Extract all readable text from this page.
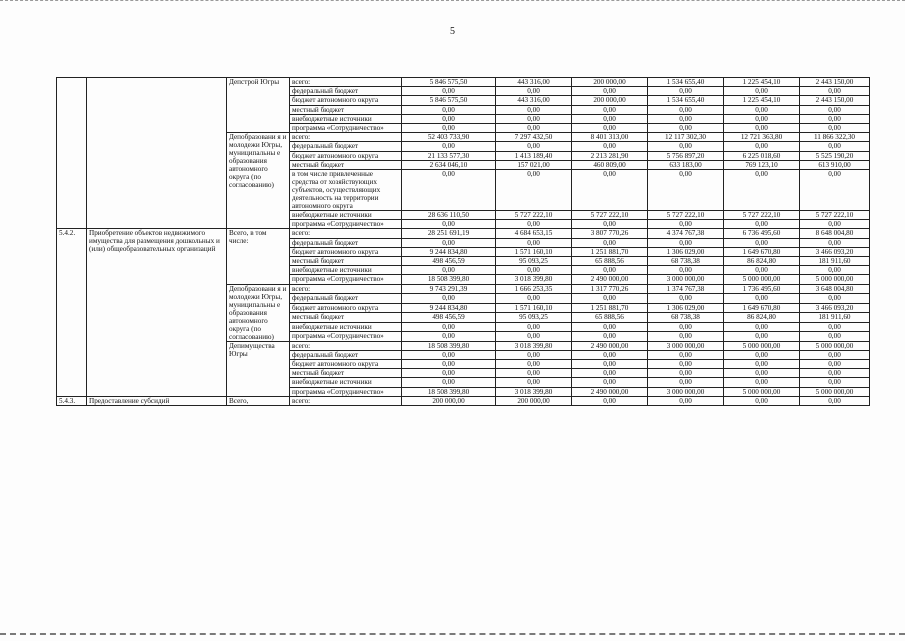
5
		Депстрой Югры	всего:	5 846 575,50	443 316,00	200 000,00	1 534 655,40	1 225 454,10	2 443 150,00
			федеральный бюджет	0,00	0,00	0,00	0,00	0,00	0,00
			бюджет автономного округа	5 846 575,50	443 316,00	200 000,00	1 534 655,40	1 225 454,10	2 443 150,00
			местный бюджет	0,00	0,00	0,00	0,00	0,00	0,00
			внебюджетные источники	0,00	0,00	0,00	0,00	0,00	0,00
			программа «Сотрудничество»	0,00	0,00	0,00	0,00	0,00	0,00
		Депобразовани я и молодежи Югры, муниципальны е образования автономного округа (по согласованию)	всего:	52 403 733,90	7 297 432,50	8 401 313,00	12 117 302,30	12 721 363,80	11 866 322,30
			федеральный бюджет	0,00	0,00	0,00	0,00	0,00	0,00
			бюджет автономного округа	21 133 577,30	1 413 189,40	2 213 281,90	5 756 897,20	6 225 018,60	5 525 190,20
			местный бюджет	2 634 046,10	157 021,00	460 809,00	633 183,00	769 123,10	613 910,00
			в том числе привлеченные средства от хозяйствующих субъектов, осуществляющих деятельность на территории автономного округа	0,00	0,00	0,00	0,00	0,00	0,00
			внебюджетные источники	28 636 110,50	5 727 222,10	5 727 222,10	5 727 222,10	5 727 222,10	5 727 222,10
			программа «Сотрудничество»	0,00	0,00	0,00	0,00	0,00	0,00
5.4.2.	Приобретение объектов недвижимого имущества для размещения дошкольных и (или) общеобразовательных организаций	Всего, в том числе:	всего:	28 251 691,19	4 684 653,15	3 807 770,26	4 374 767,38	6 736 495,60	8 648 004,80
			федеральный бюджет	0,00	0,00	0,00	0,00	0,00	0,00
			бюджет автономного округа	9 244 834,80	1 571 160,10	1 251 881,70	1 306 029,00	1 649 670,80	3 466 093,20
			местный бюджет	498 456,59	95 093,25	65 888,56	68 738,38	86 824,80	181 911,60
			внебюджетные источники	0,00	0,00	0,00	0,00	0,00	0,00
			программа «Сотрудничество»	18 508 399,80	3 018 399,80	2 490 000,00	3 000 000,00	5 000 000,00	5 000 000,00
		Депобразовани я и молодежи Югры, муниципальны е образования автономного округа (по согласованию)	всего:	9 743 291,39	1 666 253,35	1 317 770,26	1 374 767,38	1 736 495,60	3 648 004,80
			федеральный бюджет	0,00	0,00	0,00	0,00	0,00	0,00
			бюджет автономного округа	9 244 834,80	1 571 160,10	1 251 881,70	1 306 029,00	1 649 670,80	3 466 093,20
			местный бюджет	498 456,59	95 093,25	65 888,56	68 738,38	86 824,80	181 911,60
			внебюджетные источники	0,00	0,00	0,00	0,00	0,00	0,00
			программа «Сотрудничество»	0,00	0,00	0,00	0,00	0,00	0,00
		Депимущества Югры	всего:	18 508 399,80	3 018 399,80	2 490 000,00	3 000 000,00	5 000 000,00	5 000 000,00
			федеральный бюджет	0,00	0,00	0,00	0,00	0,00	0,00
			бюджет автономного округа	0,00	0,00	0,00	0,00	0,00	0,00
			местный бюджет	0,00	0,00	0,00	0,00	0,00	0,00
			внебюджетные источники	0,00	0,00	0,00	0,00	0,00	0,00
			программа «Сотрудничество»	18 508 399,80	3 018 399,80	2 490 000,00	3 000 000,00	5 000 000,00	5 000 000,00
5.4.3.	Предоставление субсидий	Всего,	всего:	200 000,00	200 000,00	0,00	0,00	0,00	0,00
